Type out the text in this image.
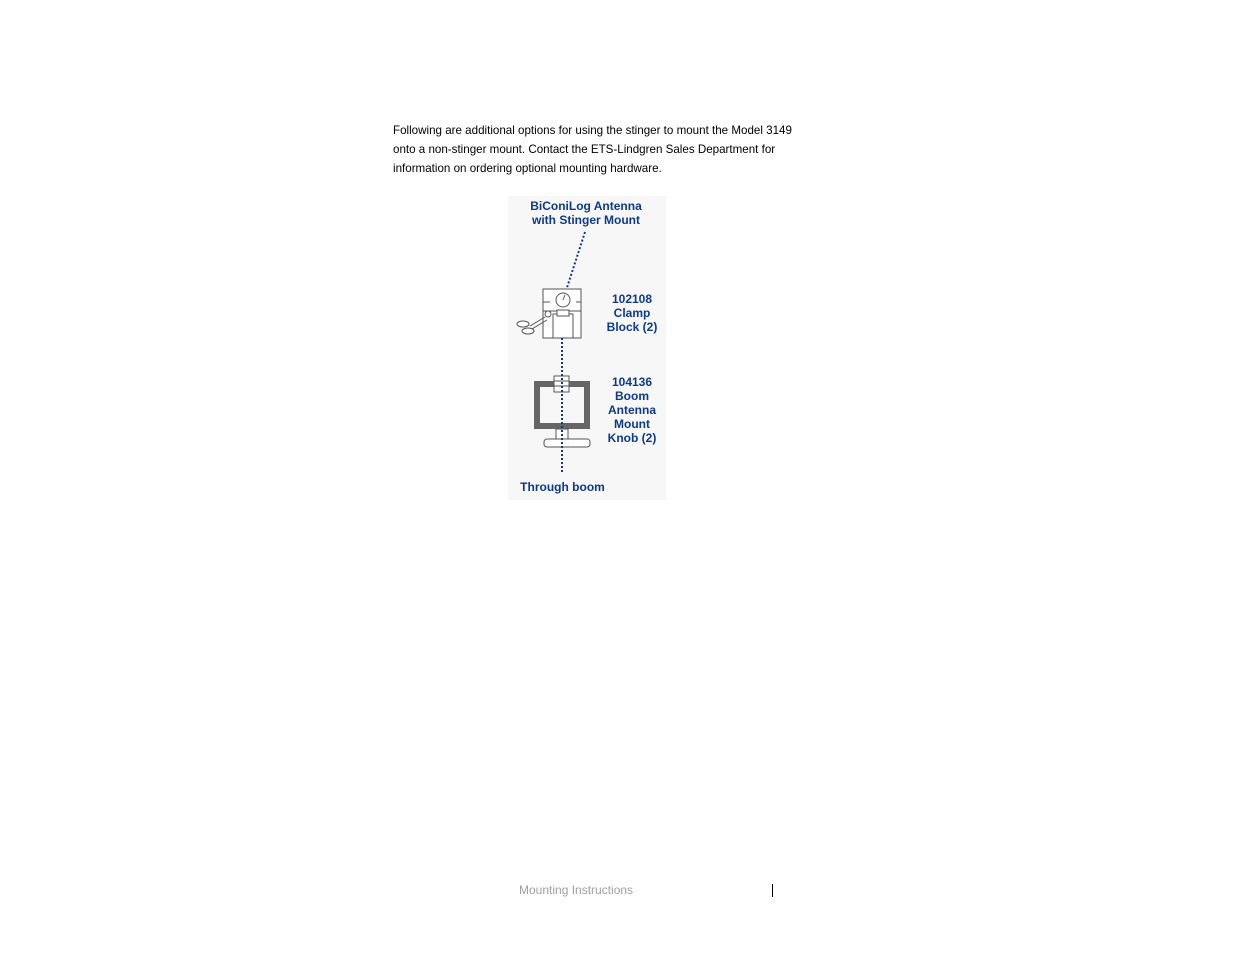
Following are additional options for using the stinger to mount the Model 3149
onto a non-stinger mount. Contact the ETS-Lindgren Sales Department for
information on ordering optional mounting hardware.

BiConiLog Antenna
with Stinger Mount
102108
Clamp
Block (2)
104136
Boom
Antenna
Mount
Knob (2)
Through boom
Mounting Instructions
